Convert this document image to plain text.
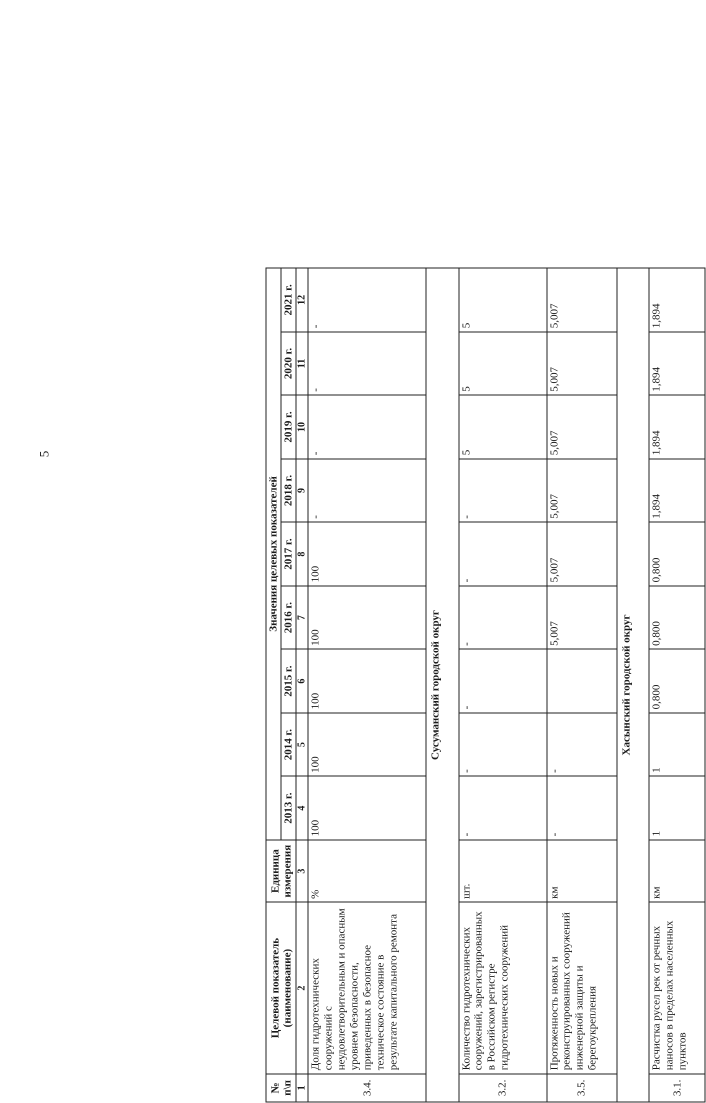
5
№
п\п	Целевой показатель (наименование)	Единица измерения	Значения целевых показателей								
			2013 г.	2014 г.	2015 г.	2016 г.	2017 г.	2018 г.	2019 г.	2020 г.	2021 г.
1	2	3	4	5	6	7	8	9	10	11	12
3.4.	Доля гидротехнических сооружений с неудовлетворительным и опасным уровнем безопасности, приведенных в безопасное техническое состояние в результате капитального ремонта	%	100	100	100	100	100	-	-	-	-
Сусуманский городской округ											
3.2.	Количество гидротехнических сооружений, зарегистрированных в Российском регистре гидротехнических сооружений	шт.	-	-	-	-	-	-	5	5	5
3.5.	Протяженность новых и реконструированных сооружений инженерной защиты и берегоукрепления	км	-	-		5,007	5,007	5,007	5,007	5,007	5,007
Хасынский городской округ											
3.1.	Расчистка русел рек от речных наносов в пределах населенных пунктов	км	1	1	0,800	0,800	0,800	1,894	1,894	1,894	1,894
